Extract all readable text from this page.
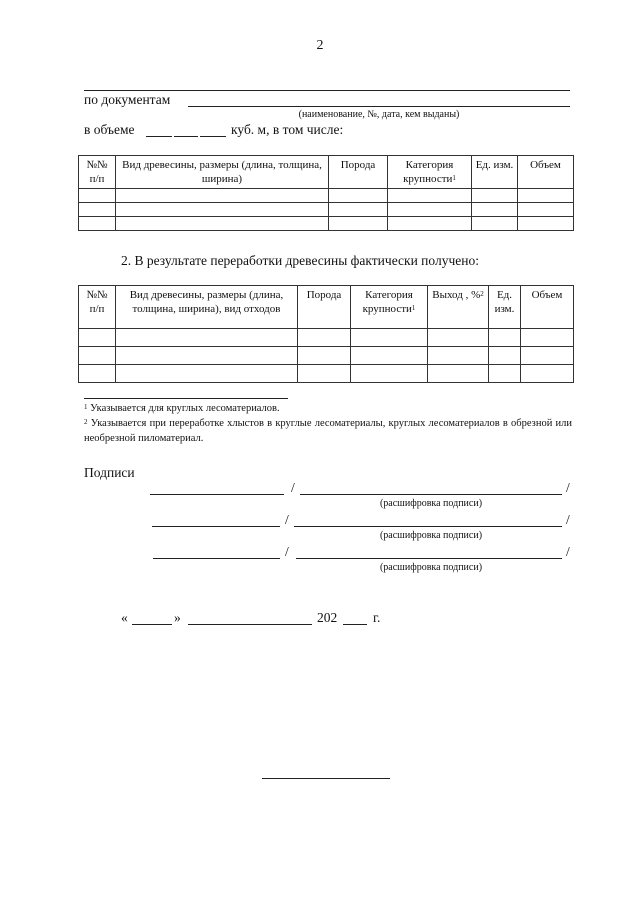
2
по документам
(наименование, №, дата, кем выданы)
в объеме	куб. м, в том числе:
№№ п/п	Вид древесины, размеры (длина, толщина, ширина)	Порода	Категория крупности$^1$	Ед. изм.	Объем

2. В результате переработки древесины фактически получено:
№№ п/п	Вид древесины, размеры (длина, толщина, ширина), вид отходов	Порода	Категория крупности$^1$	Выход , %$^2$	Ед. изм.	Объем

$^1$ Указывается для круглых лесоматериалов.
$^2$ Указывается при переработке хлыстов в круглые лесоматериалы, круглых лесоматериалов в обрезной или необрезной пиломатериал.
Подписи
/	/
(расшифровка подписи)
/	/
(расшифровка подписи)
/	/
(расшифровка подписи)
«	»	202	г.
